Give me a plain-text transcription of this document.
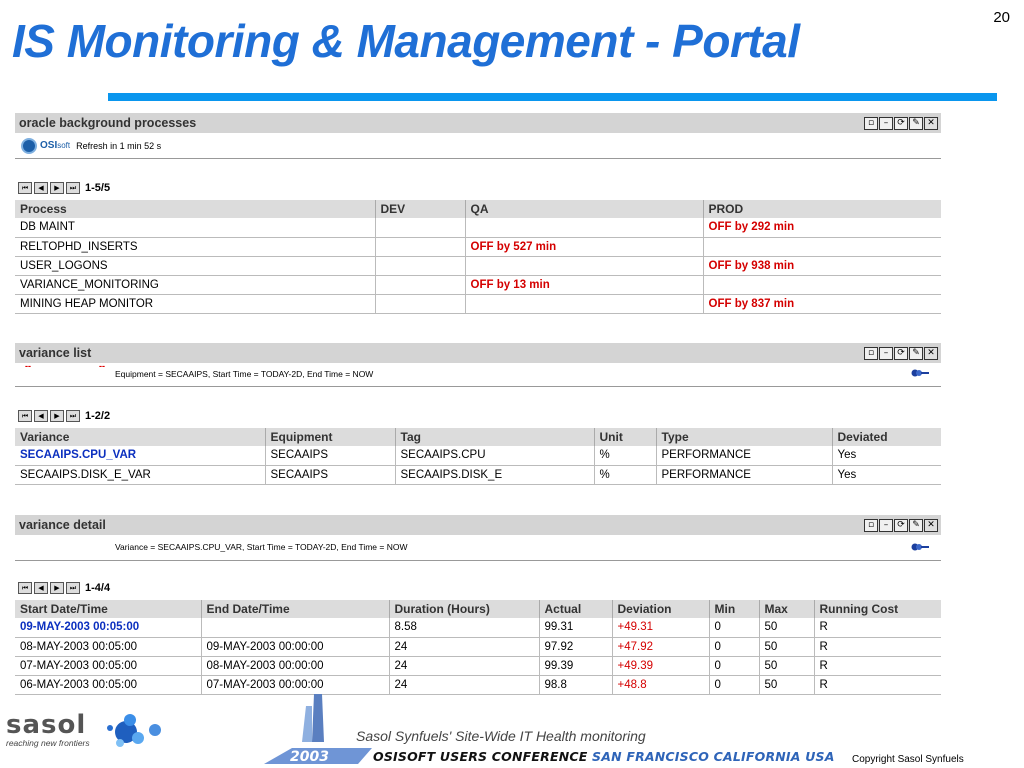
IS Monitoring & Management - Portal	20
oracle background processes	▫	– ⟳ ✎ ✕
OSI soft Refresh in 1 min 52 s
⏮	◀	▶	⏭ 1-5/5
Process	DEV	QA	PROD
DB MAINT			OFF by 292 min
RELTOPHD_INSERTS		OFF by 527 min	
USER_LOGONS			OFF by 938 min
VARIANCE_MONITORING		OFF by 13 min	
MINING HEAP MONITOR			OFF by 837 min
variance list	▫	– ⟳ ✎ ✕
--	--
Equipment = SECAAIPS, Start Time = TODAY-2D, End Time = NOW
⏮	◀	▶	⏭ 1-2/2
Variance	Equipment	Tag	Unit	Type	Deviated
SECAAIPS.CPU_VAR	SECAAIPS	SECAAIPS.CPU	%	PERFORMANCE	Yes
SECAAIPS.DISK_E_VAR	SECAAIPS	SECAAIPS.DISK_E	%	PERFORMANCE	Yes
variance detail	▫	– ⟳ ✎ ✕
Variance = SECAAIPS.CPU_VAR, Start Time = TODAY-2D, End Time = NOW
⏮	◀	▶	⏭ 1-4/4
Start Date/Time	End Date/Time	Duration (Hours)	Actual	Deviation	Min	Max	Running Cost
09-MAY-2003 00:05:00		8.58	99.31	+49.31	0	50	R
08-MAY-2003 00:05:00	09-MAY-2003 00:00:00	24	97.92	+47.92	0	50	R
07-MAY-2003 00:05:00	08-MAY-2003 00:00:00	24	99.39	+49.39	0	50	R
06-MAY-2003 00:05:00	07-MAY-2003 00:00:00	24	98.8	+48.8	0	50	R
sasol
reaching new frontiers
2003
Sasol Synfuels' Site-Wide IT Health monitoring
OSISOFT USERS CONFERENCE SAN FRANCISCO CALIFORNIA USA Copyright Sasol Synfuels
